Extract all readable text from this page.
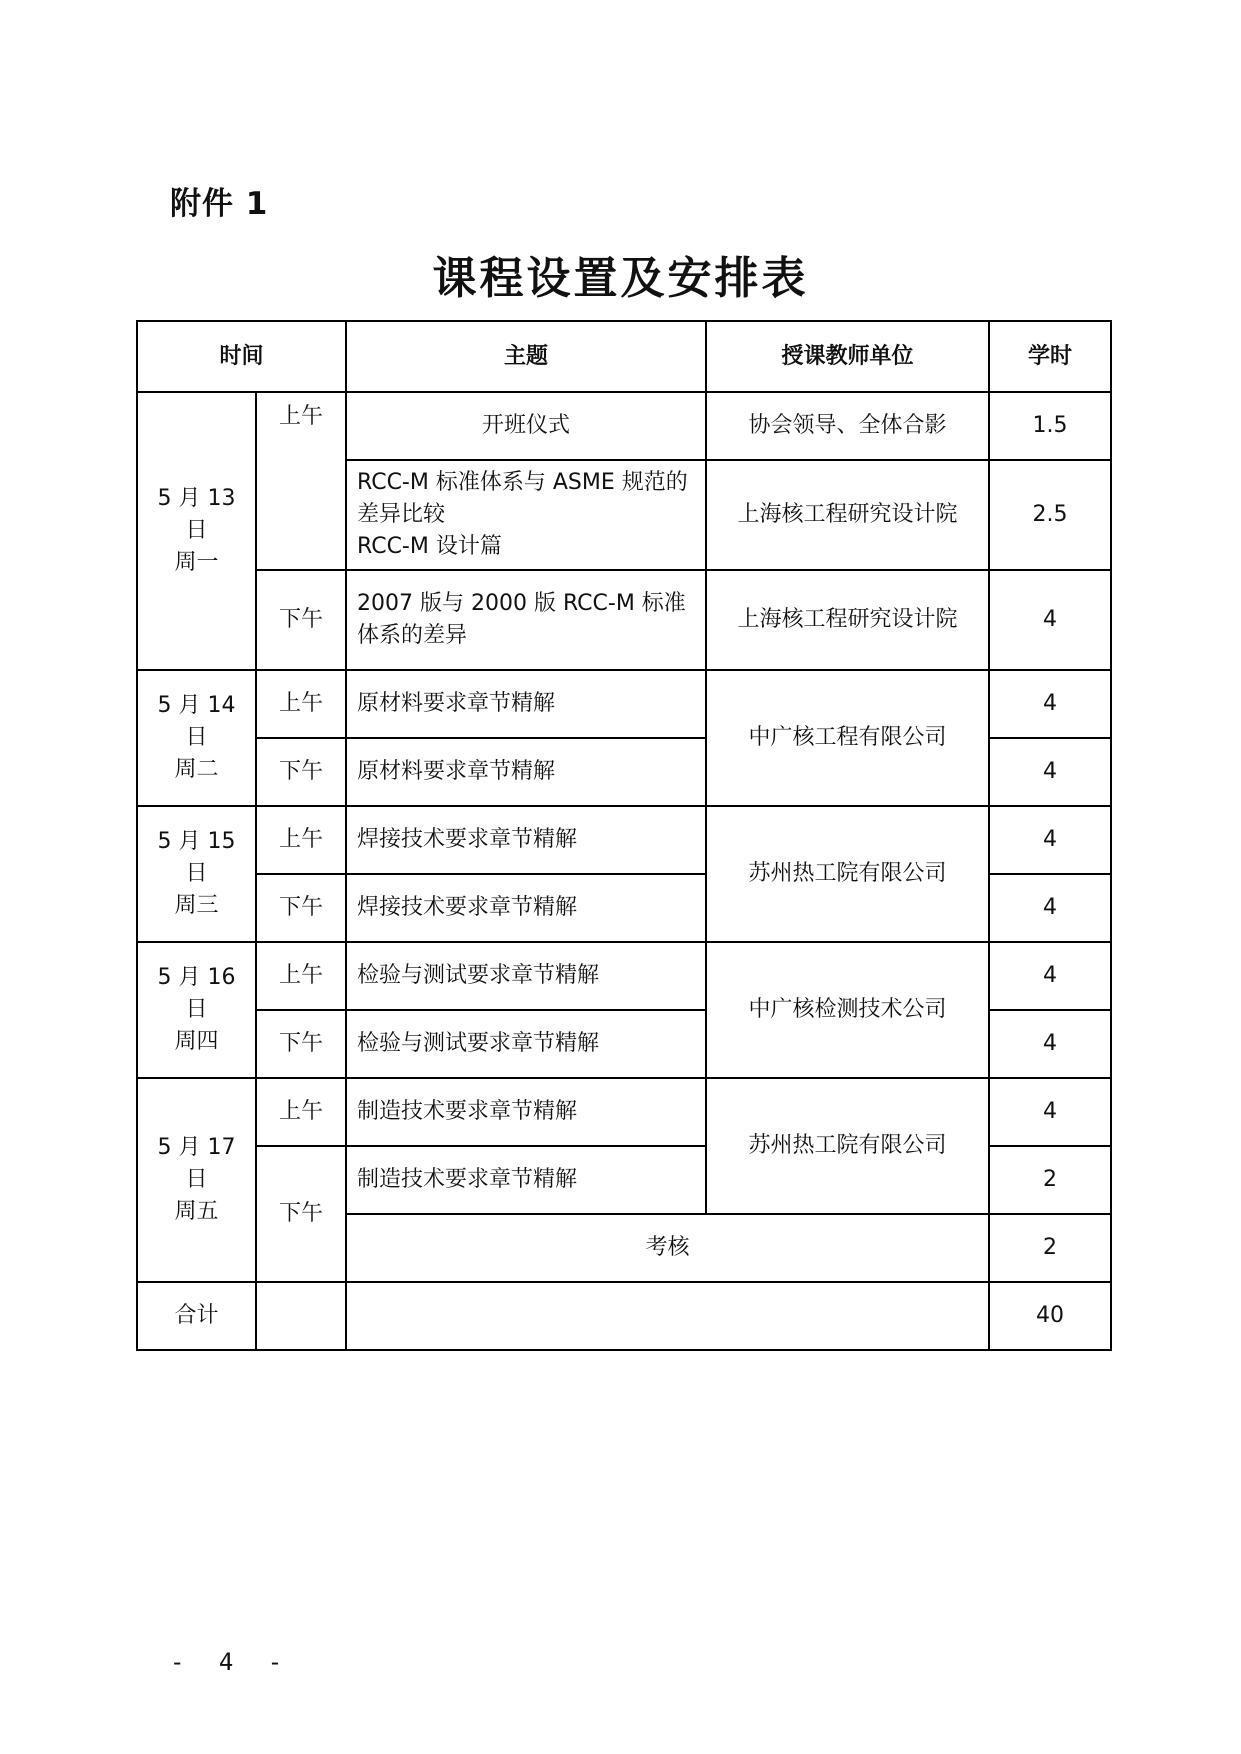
附件 1
课程设置及安排表
时间		主题	授课教师单位	学时

5 月 13 日
周一	上午	开班仪式	协会领导、全体合影	1.5

		RCC-M 标准体系与 ASME 规范的差异比较
RCC-M 设计篇	上海核工程研究设计院	2.5
	下午	2007 版与 2000 版 RCC-M 标准体系的差异	上海核工程研究设计院	4

5 月 14 日
周二	上午	原材料要求章节精解	中广核工程有限公司	4
	下午	原材料要求章节精解		4

5 月 15 日
周三	上午	焊接技术要求章节精解	苏州热工院有限公司	4
	下午	焊接技术要求章节精解		4

5 月 16 日
周四	上午	检验与测试要求章节精解	中广核检测技术公司	4
	下午	检验与测试要求章节精解		4

5 月 17 日
周五	上午	制造技术要求章节精解	苏州热工院有限公司	4
	下午	制造技术要求章节精解		2
		考核		2
合计				40
- 4 -
